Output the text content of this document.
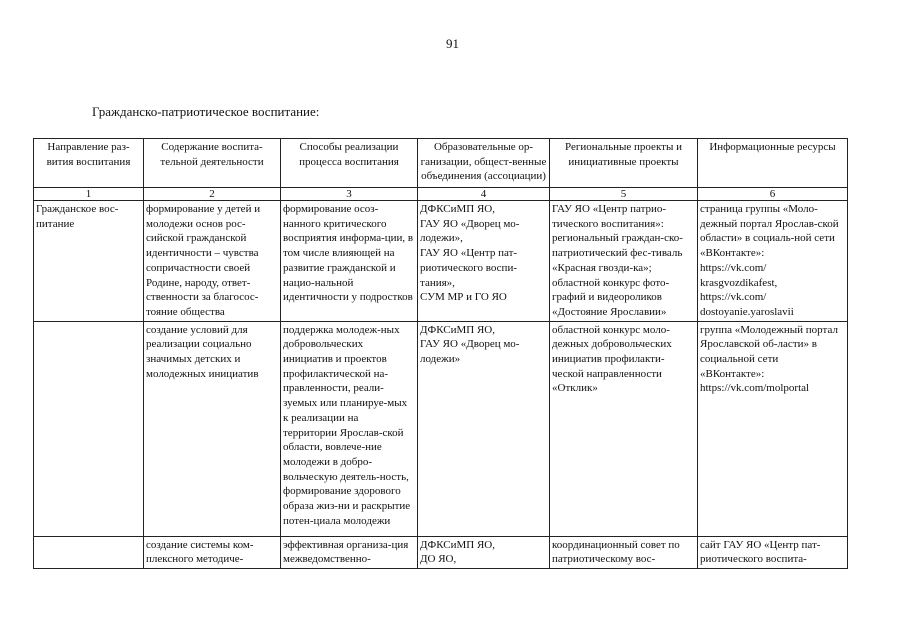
91
Гражданско-патриотическое воспитание:
Направление раз-вития воспитания	Содержание воспита-тельной деятельности	Способы реализации процесса воспитания	Образовательные ор-ганизации, общест-венные объединения (ассоциации)	Региональные проекты и инициативные проекты	Информационные ресурсы
1	2	3	4	5	6
Гражданское вос-питание	формирование у детей и молодежи основ рос-сийской гражданской идентичности – чувства сопричастности своей Родине, народу, ответ-ственности за благосос-тояние общества	формирование осоз-нанного критического восприятия информа-ции, в том числе влияющей на развитие гражданской и нацио-нальной идентичности у подростков	ДФКСиМП ЯО,
ГАУ ЯО «Дворец мо-лодежи»,
ГАУ ЯО «Центр пат-риотического воспи-тания»,
СУМ МР и ГО ЯО	ГАУ ЯО «Центр патрио-тического воспитания»:
региональный граждан-ско-патриотический фес-тиваль «Красная гвозди-ка»;
областной конкурс фото-графий и видеороликов «Достояние Ярославии»	страница группы «Моло-дежный портал Ярослав-ской области» в социаль-ной сети «ВКонтакте»:
https://vk.com/
krasgvozdikafest,
https://vk.com/
dostoyanie.yaroslavii

	создание условий для реализации социально значимых детских и молодежных инициатив	поддержка молодеж-ных добровольческих инициатив и проектов профилактической на-правленности, реали-зуемых или планируе-мых к реализации на территории Ярослав-ской области, вовлече-ние молодежи в добро-вольческую деятель-ность, формирование здорового образа жиз-ни и раскрытие потен-циала молодежи	ДФКСиМП ЯО,
ГАУ ЯО «Дворец мо-лодежи»	областной конкурс моло-дежных добровольческих инициатив профилакти-ческой направленности «Отклик»	группа «Молодежный портал Ярославской об-ласти» в социальной сети «ВКонтакте»:
https://vk.com/molportal

	создание системы ком-плексного методиче-	эффективная организа-ция межведомственно-	ДФКСиМП ЯО,
ДО ЯО,	координационный совет по патриотическому вос-	сайт ГАУ ЯО «Центр пат-риотического воспита-
